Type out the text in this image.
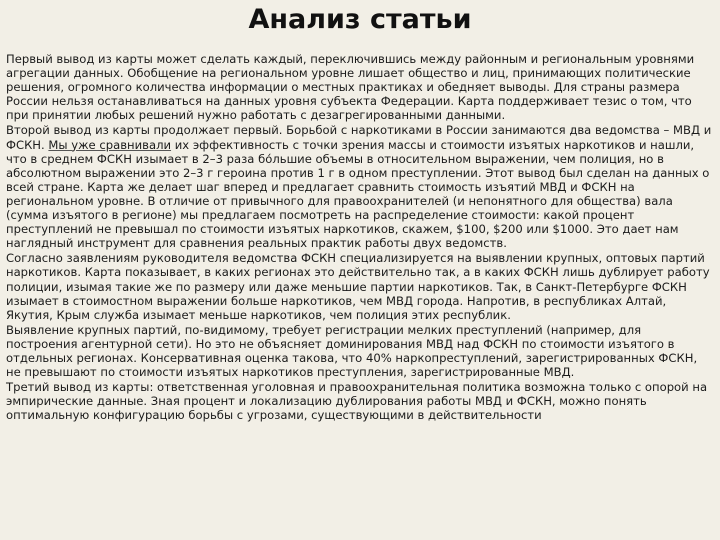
Анализ статьи

Первый вывод из карты может сделать каждый, переключившись между районным и региональным уровнями агрегации данных. Обобщение на региональном уровне лишает общество и лиц, принимающих политические решения, огромного количества информации о местных практиках и обедняет выводы. Для страны размера России нельзя останавливаться на данных уровня субъекта Федерации. Карта поддерживает тезис о том, что при принятии любых решений нужно работать с дезагрегированными данными.

Второй вывод из карты продолжает первый. Борьбой с наркотиками в России занимаются два ведомства – МВД и ФСКН. Мы уже сравнивали их эффективность с точки зрения массы и стоимости изъятых наркотиков и нашли, что в среднем ФСКН изымает в 2–3 раза бо́льшие объемы в относительном выражении, чем полиция, но в абсолютном выражении это 2–3 г героина против 1 г в одном преступлении. Этот вывод был сделан на данных о всей стране. Карта же делает шаг вперед и предлагает сравнить стоимость изъятий МВД и ФСКН на региональном уровне. В отличие от привычного для правоохранителей (и непонятного для общества) вала (сумма изъятого в регионе) мы предлагаем посмотреть на распределение стоимости: какой процент преступлений не превышал по стоимости изъятых наркотиков, скажем, $100, $200 или $1000. Это дает нам наглядный инструмент для сравнения реальных практик работы двух ведомств.

Согласно заявлениям руководителя ведомства ФСКН специализируется на выявлении крупных, оптовых партий наркотиков. Карта показывает, в каких регионах это действительно так, а в каких ФСКН лишь дублирует работу полиции, изымая такие же по размеру или даже меньшие партии наркотиков. Так, в Санкт-Петербурге ФСКН изымает в стоимостном выражении больше наркотиков, чем МВД города. Напротив, в республиках Алтай, Якутия, Крым служба изымает меньше наркотиков, чем полиция этих республик.

Выявление крупных партий, по-видимому, требует регистрации мелких преступлений (например, для построения агентурной сети). Но это не объясняет доминирования МВД над ФСКН по стоимости изъятого в отдельных регионах. Консервативная оценка такова, что 40% наркопреступлений, зарегистрированных ФСКН, не превышают по стоимости изъятых наркотиков преступления, зарегистрированные МВД.

Третий вывод из карты: ответственная уголовная и правоохранительная политика возможна только с опорой на эмпирические данные. Зная процент и локализацию дублирования работы МВД и ФСКН, можно понять оптимальную конфигурацию борьбы с угрозами, существующими в действительности
